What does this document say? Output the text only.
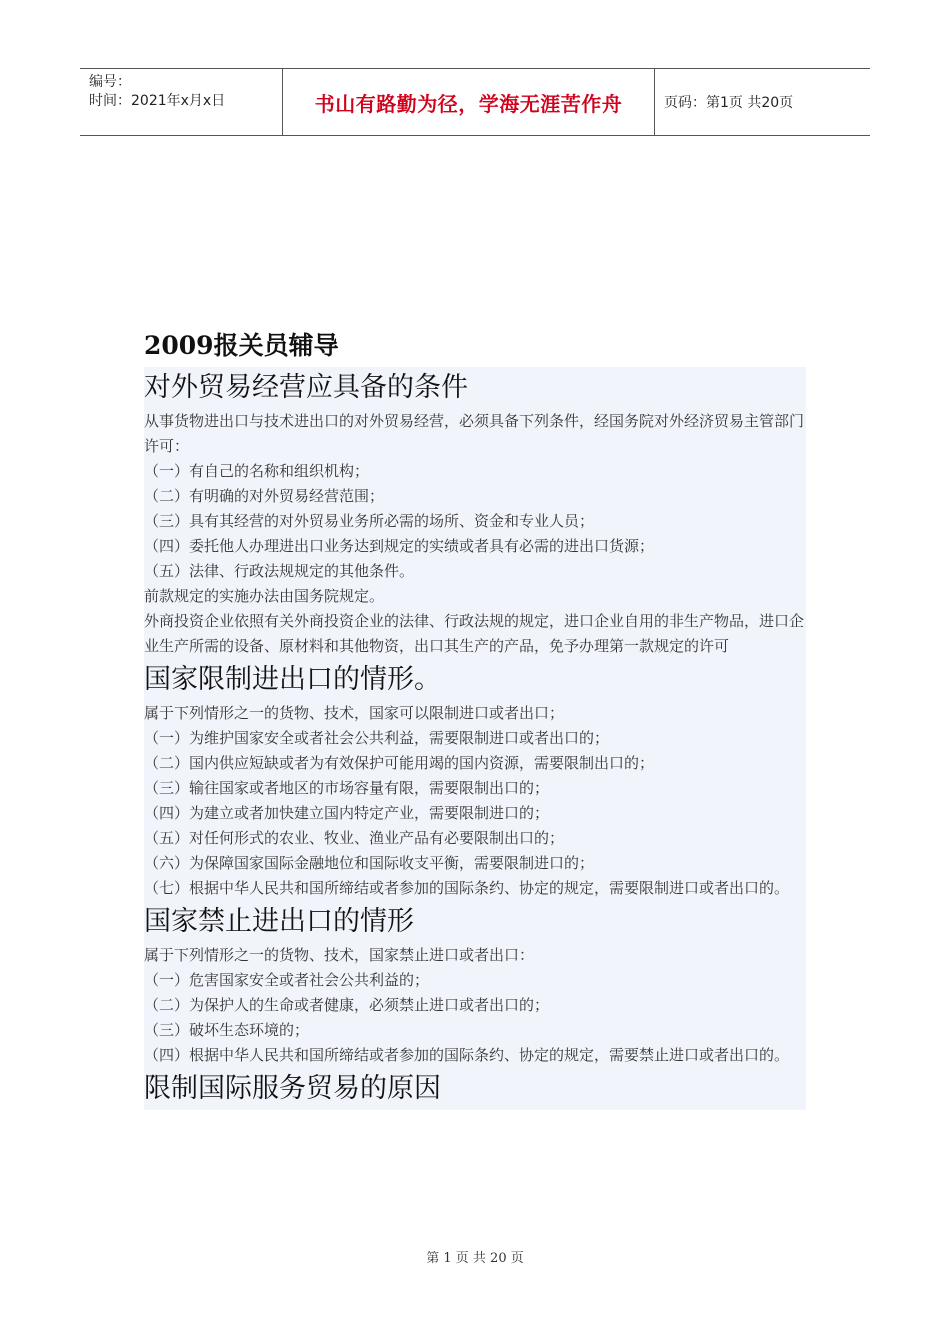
编号：
时间：2021年x月x日	书山有路勤为径，学海无涯苦作舟	页码：第1页 共20页
2009报关员辅导
对外贸易经营应具备的条件

从事货物进出口与技术进出口的对外贸易经营，必须具备下列条件，经国务院对外经济贸易主管部门许可：

（一）有自己的名称和组织机构；

（二）有明确的对外贸易经营范围；

（三）具有其经营的对外贸易业务所必需的场所、资金和专业人员；

（四）委托他人办理进出口业务达到规定的实绩或者具有必需的进出口货源；

（五）法律、行政法规规定的其他条件。

前款规定的实施办法由国务院规定。

外商投资企业依照有关外商投资企业的法律、行政法规的规定，进口企业自用的非生产物品，进口企业生产所需的设备、原材料和其他物资，出口其生产的产品，免予办理第一款规定的许可

国家限制进出口的情形。

属于下列情形之一的货物、技术，国家可以限制进口或者出口；

（一）为维护国家安全或者社会公共利益，需要限制进口或者出口的；

（二）国内供应短缺或者为有效保护可能用竭的国内资源，需要限制出口的；

（三）输往国家或者地区的市场容量有限，需要限制出口的；

（四）为建立或者加快建立国内特定产业，需要限制进口的；

（五）对任何形式的农业、牧业、渔业产品有必要限制出口的；

（六）为保障国家国际金融地位和国际收支平衡，需要限制进口的；

（七）根据中华人民共和国所缔结或者参加的国际条约、协定的规定，需要限制进口或者出口的。

国家禁止进出口的情形

属于下列情形之一的货物、技术，国家禁止进口或者出口：

（一）危害国家安全或者社会公共利益的；

（二）为保护人的生命或者健康，必须禁止进口或者出口的；

（三）破坏生态环境的；

（四）根据中华人民共和国所缔结或者参加的国际条约、协定的规定，需要禁止进口或者出口的。

限制国际服务贸易的原因
第 1 页 共 20 页
